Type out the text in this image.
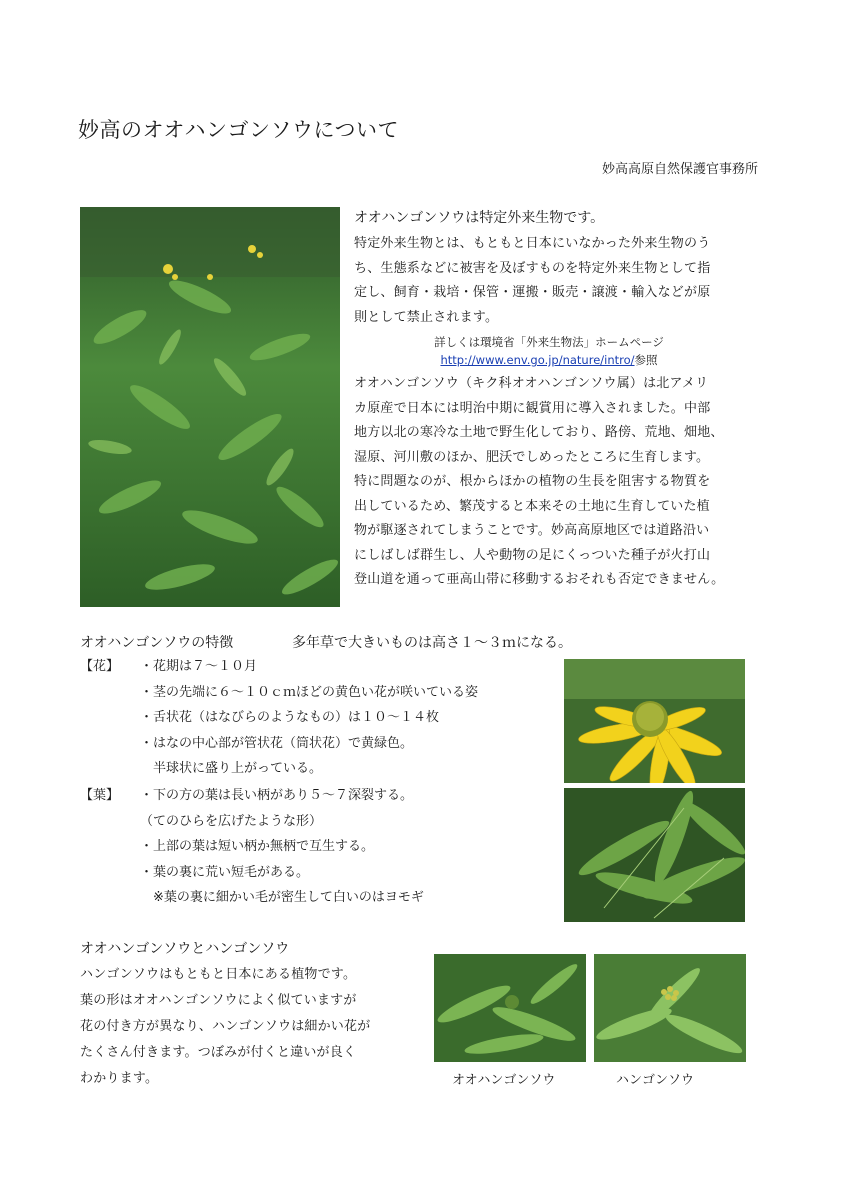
妙高のオオハンゴンソウについて
妙高高原自然保護官事務所
オオハンゴンソウは特定外来生物です。
特定外来生物とは、もともと日本にいなかった外来生物のう
ち、生態系などに被害を及ぼすものを特定外来生物として指
定し、飼育・栽培・保管・運搬・販売・譲渡・輸入などが原
則として禁止されます。
詳しくは環境省「外来生物法」ホームページ
http://www.env.go.jp/nature/intro/参照
オオハンゴンソウ（キク科オオハンゴンソウ属）は北アメリ
カ原産で日本には明治中期に観賞用に導入されました。中部
地方以北の寒冷な土地で野生化しており、路傍、荒地、畑地、
湿原、河川敷のほか、肥沃でしめったところに生育します。
特に問題なのが、根からほかの植物の生長を阻害する物質を
出しているため、繁茂すると本来その土地に生育していた植
物が駆逐されてしまうことです。妙高高原地区では道路沿い
にしばしば群生し、人や動物の足にくっついた種子が火打山
登山道を通って亜高山帯に移動するおそれも否定できません。
オオハンゴンソウの特徴	多年草で大きいものは高さ１～３ｍになる。
【花】 ・花期は７～１０月
・茎の先端に６～１０ｃｍほどの黄色い花が咲いている姿
・舌状花（はなびらのようなもの）は１０～１４枚
・はなの中心部が管状花（筒状花）で黄緑色。
　半球状に盛り上がっている。
【葉】 ・下の方の葉は長い柄があり５～７深裂する。
（てのひらを広げたような形）
・上部の葉は短い柄か無柄で互生する。
・葉の裏に荒い短毛がある。
　※葉の裏に細かい毛が密生して白いのはヨモギ
オオハンゴンソウとハンゴンソウ
ハンゴンソウはもともと日本にある植物です。
葉の形はオオハンゴンソウによく似ていますが
花の付き方が異なり、ハンゴンソウは細かい花が
たくさん付きます。つぼみが付くと違いが良く
わかります。	オオハンゴンソウ	ハンゴンソウ
